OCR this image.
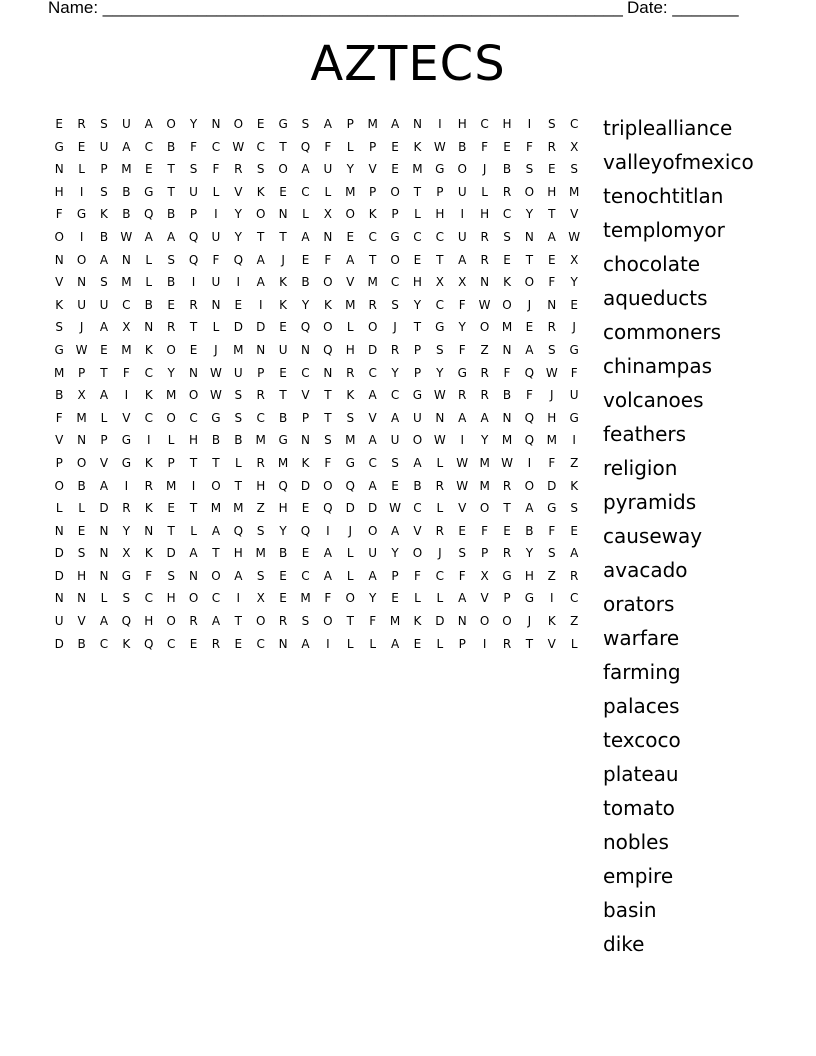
Name: _______________________________________________________ Date: _______
AZTECS
E	R	S	U	A	O	Y	N	O	E	G	S	A	P	M	A	N	I	H	C	H	I	S	C
G	E	U	A	C	B	F	C	W	C	T	Q	F	L	P	E	K	W	B	F	E	F	R	X
N	L	P	M	E	T	S	F	R	S	O	A	U	Y	V	E	M	G	O	J	B	S	E	S
H	I	S	B	G	T	U	L	V	K	E	C	L	M	P	O	T	P	U	L	R	O	H	M
F	G	K	B	Q	B	P	I	Y	O	N	L	X	O	K	P	L	H	I	H	C	Y	T	V
O	I	B	W	A	A	Q	U	Y	T	T	A	N	E	C	G	C	C	U	R	S	N	A	W
N	O	A	N	L	S	Q	F	Q	A	J	E	F	A	T	O	E	T	A	R	E	T	E	X
V	N	S	M	L	B	I	U	I	A	K	B	O	V	M	C	H	X	X	N	K	O	F	Y
K	U	U	C	B	E	R	N	E	I	K	Y	K	M	R	S	Y	C	F	W O	J	N	E
S	J	A	X	N	R	T	L	D	D	E	Q	O	L	O	J	T	G	Y	O	M	E	R	J
G W	E	M	K	O	E	J	M	N	U	N	Q	H	D	R	P	S	F	Z	N	A	S	G
M	P	T	F	C	Y	N W	U	P	E	C	N	R	C	Y	P	Y	G	R	F	Q W	F
B	X	A	I	K	M	O W	S	R	T	V	T	K	A	C	G W	R	R	B	F	J	U
F	M	L	V	C	O	C	G	S	C	B	P	T	S	V	A	U	N	A	A	N	Q	H	G
V	N	P	G	I	L	H	B	B	M	G	N	S	M	A	U	O W	I	Y	M	Q	M	I
P	O	V	G	K	P	T	T	L	R	M	K	F	G	C	S	A	L	W M W	I	F	Z
O	B	A	I	R	M	I	O	T	H	Q	D	O	Q	A	E	B	R	W M	R	O	D	K
L	L	D	R	K	E	T	M	M	Z	H	E	Q	D	D W	C	L	V	O	T	A	G	S
N	E	N	Y	N	T	L	A	Q	S	Y	Q	I	J	O	A	V	R	E	F	E	B	F	E
D	S	N	X	K	D	A	T	H	M	B	E	A	L	U	Y	O	J	S	P	R	Y	S	A
D	H	N	G	F	S	N	O	A	S	E	C	A	L	A	P	F	C	F	X	G	H	Z	R
N	N	L	S	C	H	O	C	I	X	E	M	F	O	Y	E	L	L	A	V	P	G	I	C
U	V	A	Q	H	O	R	A	T	O	R	S	O	T	F	M	K	D	N	O	O	J	K	Z
D	B	C	K	Q	C	E	R	E	C	N	A	I	L	L	A	E	L	P	I	R	T	V	L
triplealliance
valleyofmexico
tenochtitlan
templomyor
chocolate
aqueducts
commoners
chinampas
volcanoes
feathers
religion
pyramids
causeway
avacado
orators
warfare
farming
palaces
texcoco
plateau
tomato
nobles
empire
basin
dike
